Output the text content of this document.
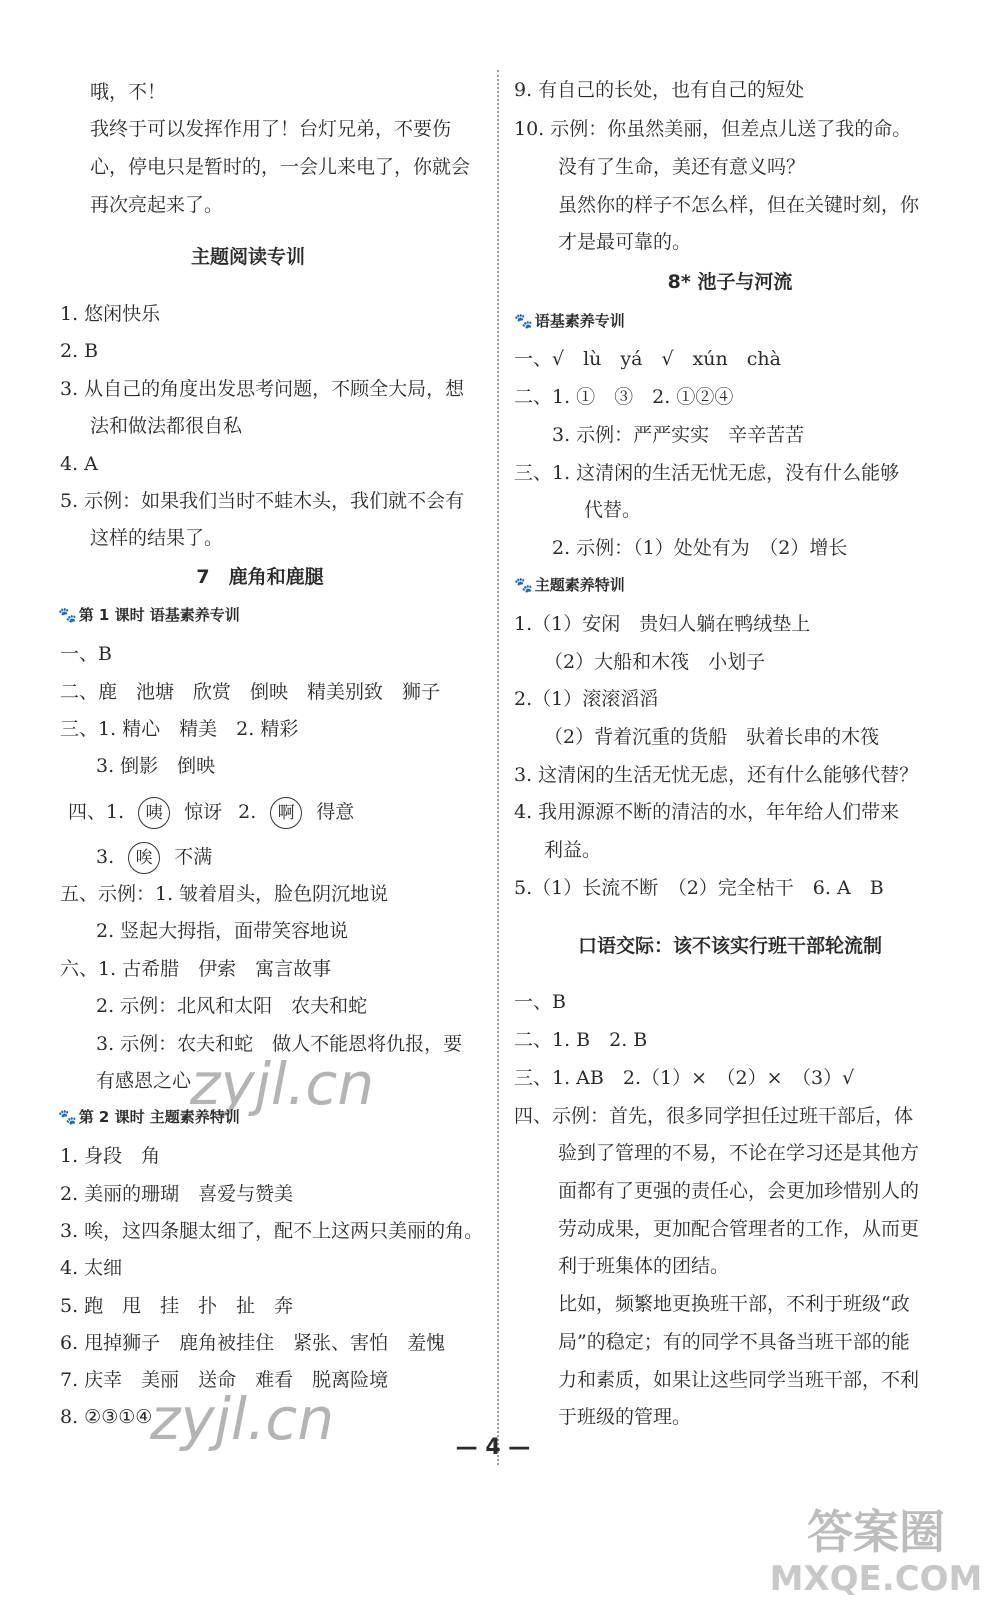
哦，不！
我终于可以发挥作用了！台灯兄弟，不要伤
心，停电只是暂时的，一会儿来电了，你就会
再次亮起来了。
主题阅读专训
1. 悠闲快乐
2. B
3. 从自己的角度出发思考问题，不顾全大局，想
法和做法都很自私
4. A
5. 示例：如果我们当时不蛙木头，我们就不会有
这样的结果了。
7　鹿角和鹿腿
🐾 第 1 课时 语基素养专训
一、B
二、鹿　池塘　欣赏　倒映　精美别致　狮子
三、1. 精心　精美　2. 精彩
3. 倒影　倒映
四、1. 咦 惊讶 2. 啊 得意
3. 唉 不满
五、示例：1. 皱着眉头，脸色阴沉地说
2. 竖起大拇指，面带笑容地说
六、1. 古希腊　伊索　寓言故事
2. 示例：北风和太阳　农夫和蛇
3. 示例：农夫和蛇　做人不能恩将仇报，要
有感恩之心
🐾 第 2 课时 主题素养特训
1. 身段　角
2. 美丽的珊瑚　喜爱与赞美
3. 唉，这四条腿太细了，配不上这两只美丽的角。
4. 太细
5. 跑　甩　挂　扑　扯　奔
6. 甩掉狮子　鹿角被挂住　紧张、害怕　羞愧
7. 庆幸　美丽　送命　难看　脱离险境
8. ②③①④
9. 有自己的长处，也有自己的短处
10. 示例：你虽然美丽，但差点儿送了我的命。
没有了生命，美还有意义吗？
虽然你的样子不怎么样，但在关键时刻，你
才是最可靠的。
8* 池子与河流
🐾 语基素养专训
一、√　lù　yá　√　xún　chà
二、1. ①　③　2. ①②④
3. 示例：严严实实　辛辛苦苦
三、1. 这清闲的生活无忧无虑，没有什么能够
代替。
2. 示例：（1）处处有为　（2）增长
🐾 主题素养特训
1.（1）安闲　贵妇人躺在鸭绒垫上
（2）大船和木筏　小划子
2.（1）滚滚滔滔
（2）背着沉重的货船　驮着长串的木筏
3. 这清闲的生活无忧无虑，还有什么能够代替？
4. 我用源源不断的清洁的水，年年给人们带来
利益。
5.（1）长流不断　（2）完全枯干　6. A　B
口语交际：该不该实行班干部轮流制
一、B
二、1. B　2. B
三、1. AB　2.（1）×　（2）×　（3）√
四、示例：首先，很多同学担任过班干部后，体
验到了管理的不易，不论在学习还是其他方
面都有了更强的责任心，会更加珍惜别人的
劳动成果，更加配合管理者的工作，从而更
利于班集体的团结。
比如，频繁地更换班干部，不利于班级“政
局”的稳定；有的同学不具备当班干部的能
力和素质，如果让这些同学当班干部，不利
于班级的管理。
— 4 —
zyjl.cn
zyjl.cn
答案圈
MXQE.COM
